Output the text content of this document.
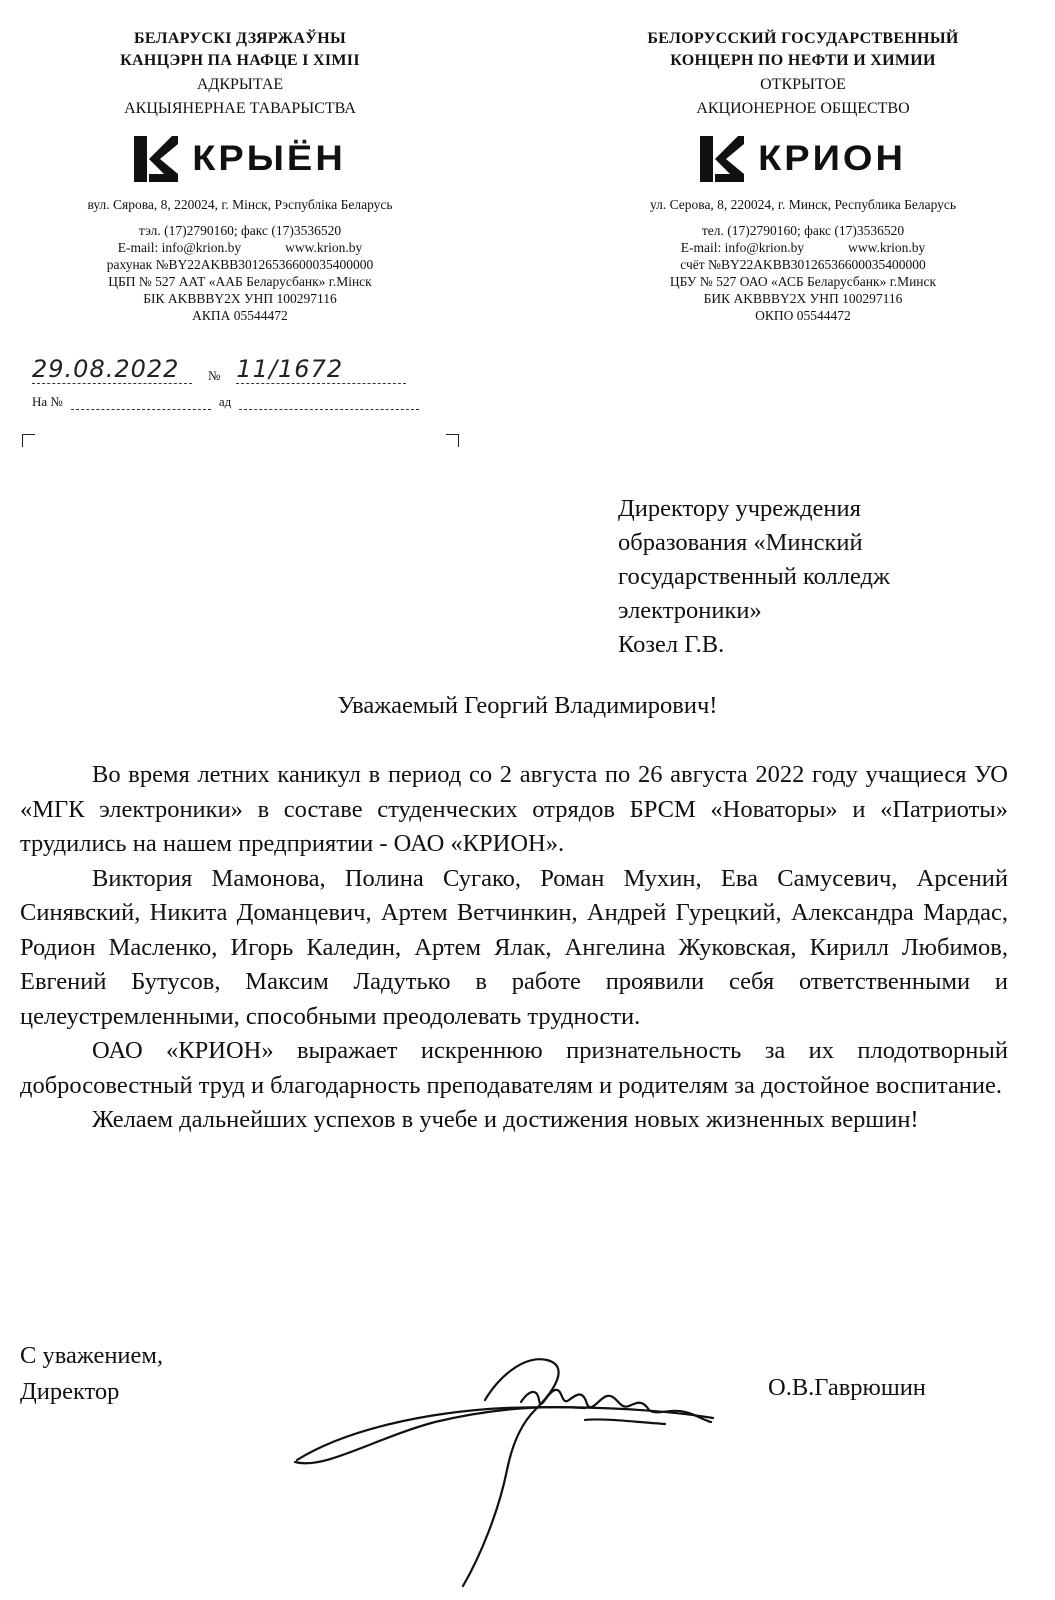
БЕЛАРУСКІ ДЗЯРЖАЎНЫ
КАНЦЭРН ПА НАФЦЕ І ХІМІІ
АДКРЫТАЕ
АКЦЫЯНЕРНАЕ ТАВАРЫСТВА
КРЫЁН
вул. Сярова, 8, 220024, г. Мінск, Рэспубліка Беларусь
тэл. (17)2790160; факс (17)3536520
E-mail: info@krion.by	www.krion.by
рахунак №BY22AKBB30126536600035400000
ЦБП № 527 ААТ «ААБ Беларусбанк» г.Мінск
БІК AKBBBY2X УНП 100297116
АКПА 05544472
БЕЛОРУССКИЙ ГОСУДАРСТВЕННЫЙ
КОНЦЕРН ПО НЕФТИ И ХИМИИ
ОТКРЫТОЕ
АКЦИОНЕРНОЕ ОБЩЕСТВО
КРИОН
ул. Серова, 8, 220024, г. Минск, Республика Беларусь
тел. (17)2790160; факс (17)3536520
E-mail: info@krion.by	www.krion.by
счёт №BY22AKBB30126536600035400000
ЦБУ № 527 ОАО «АСБ Беларусбанк» г.Минск
БИК AKBBBY2X УНП 100297116
ОКПО 05544472
29.08.2022	№ 11/1672
На №	ад
Директору учреждения
образования «Минский
государственный колледж
электроники»
Козел Г.В.
Уважаемый Георгий Владимирович!

Во время летних каникул в период со 2 августа по 26 августа 2022 году учащиеся УО «МГК электроники» в составе студенческих отрядов БРСМ «Новаторы» и «Патриоты» трудились на нашем предприятии - ОАО «КРИОН».

Виктория Мамонова, Полина Сугако, Роман Мухин, Ева Самусевич, Арсений Синявский, Никита Доманцевич, Артем Ветчинкин, Андрей Гурецкий, Александра Мардас, Родион Масленко, Игорь Каледин, Артем Ялак, Ангелина Жуковская, Кирилл Любимов, Евгений Бутусов, Максим Ладутько в работе проявили себя ответственными и целеустремленными, способными преодолевать трудности.

ОАО «КРИОН» выражает искреннюю признательность за их плодотворный добросовестный труд и благодарность преподавателям и родителям за достойное воспитание.

Желаем дальнейших успехов в учебе и достижения новых жизненных вершин!

С уважением,
Директор	О.В.Гаврюшин
